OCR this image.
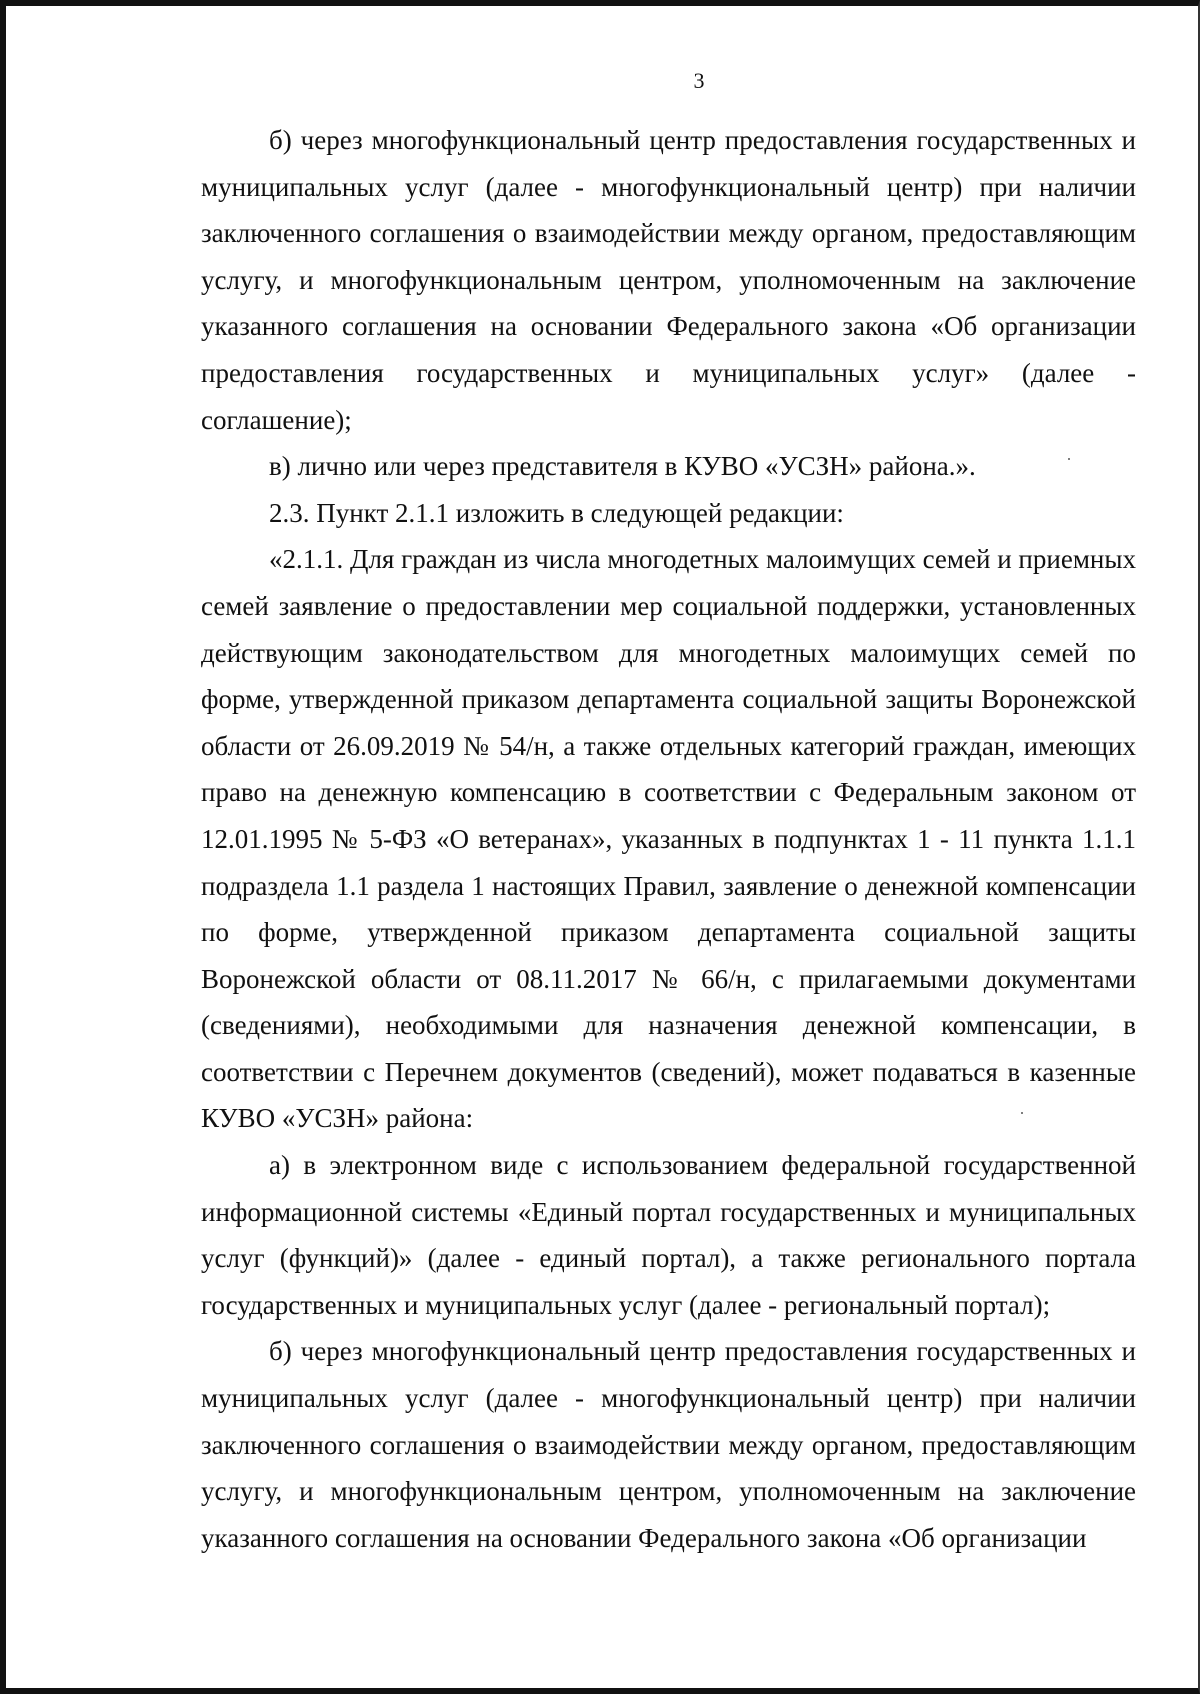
3

б) через многофункциональный центр предоставления государственных и муниципальных услуг (далее - многофункциональный центр) при наличии заключенного соглашения о взаимодействии между органом, предоставляющим услугу, и многофункциональным центром, уполномоченным на заключение указанного соглашения на основании Федерального закона «Об организации предоставления государственных и муниципальных услуг» (далее - соглашение);

в) лично или через представителя в КУВО «УСЗН» района.».

2.3. Пункт 2.1.1 изложить в следующей редакции:

«2.1.1. Для граждан из числа многодетных малоимущих семей и приемных семей заявление о предоставлении мер социальной поддержки, установленных действующим законодательством для многодетных малоимущих семей по форме, утвержденной приказом департамента социальной защиты Воронежской области от 26.09.2019 № 54/н, а также отдельных категорий граждан, имеющих право на денежную компенсацию в соответствии с Федеральным законом от 12.01.1995 № 5-ФЗ «О ветеранах», указанных в подпунктах 1 - 11 пункта 1.1.1 подраздела 1.1 раздела 1 настоящих Правил, заявление о денежной компенсации по форме, утвержденной приказом департамента социальной защиты Воронежской области от 08.11.2017 № 66/н, с прилагаемыми документами (сведениями), необходимыми для назначения денежной компенсации, в соответствии с Перечнем документов (сведений), может подаваться в казенные КУВО «УСЗН» района:

а) в электронном виде с использованием федеральной государственной информационной системы «Единый портал государственных и муниципальных услуг (функций)» (далее - единый портал), а также регионального портала государственных и муниципальных услуг (далее - региональный портал);

б) через многофункциональный центр предоставления государственных и муниципальных услуг (далее - многофункциональный центр) при наличии заключенного соглашения о взаимодействии между органом, предоставляющим услугу, и многофункциональным центром, уполномоченным на заключение указанного соглашения на основании Федерального закона «Об организации
